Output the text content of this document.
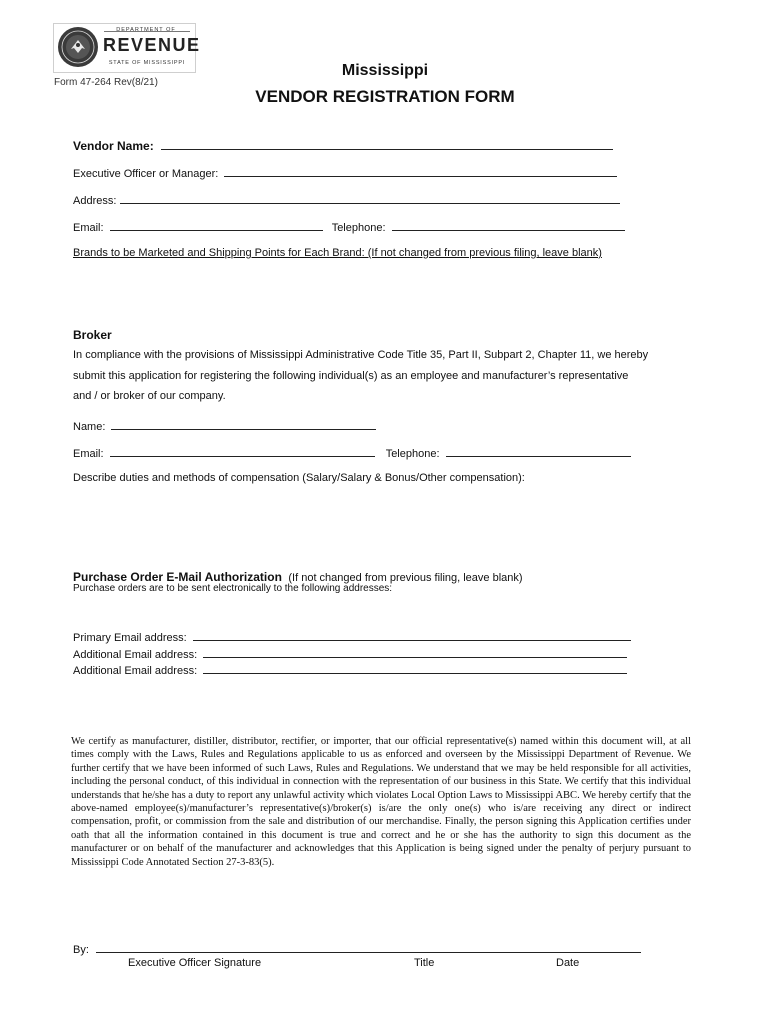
DEPARTMENT OF
REVENUE
STATE OF MISSISSIPPI
Form 47-264 Rev(8/21)
Mississippi
VENDOR REGISTRATION FORM
Vendor Name:
Executive Officer or Manager:
Address:
Email:	Telephone:
Brands to be Marketed and Shipping Points for Each Brand: (If not changed from previous filing, leave blank)
Broker
In compliance with the provisions of Mississippi Administrative Code Title 35, Part II, Subpart 2, Chapter 11, we hereby
submit this application for registering the following individual(s) as an employee and manufacturer’s representative
and / or broker of our company.
Name:
Email:	Telephone:
Describe duties and methods of compensation (Salary/Salary & Bonus/Other compensation):
Purchase Order E-Mail Authorization (If not changed from previous filing, leave blank)
Purchase orders are to be sent electronically to the following addresses:
Primary Email address:
Additional Email address:
Additional Email address:
We certify as manufacturer, distiller, distributor, rectifier, or importer, that our official representative(s) named within this document will, at all times comply with the Laws, Rules and Regulations applicable to us as enforced and overseen by the Mississippi Department of Revenue. We further certify that we have been informed of such Laws, Rules and Regulations. We understand that we may be held responsible for all activities, including the personal conduct, of this individual in connection with the representation of our business in this State. We certify that this individual understands that he/she has a duty to report any unlawful activity which violates Local Option Laws to Mississippi ABC. We hereby certify that the above-named employee(s)/manufacturer’s representative(s)/broker(s) is/are the only one(s) who is/are receiving any direct or indirect compensation, profit, or commission from the sale and distribution of our merchandise. Finally, the person signing this Application certifies under oath that all the information contained in this document is true and correct and he or she has the authority to sign this document as the manufacturer or on behalf of the manufacturer and acknowledges that this Application is being signed under the penalty of perjury pursuant to Mississippi Code Annotated Section 27-3-83(5).
By:
Executive Officer Signature	Title	Date
